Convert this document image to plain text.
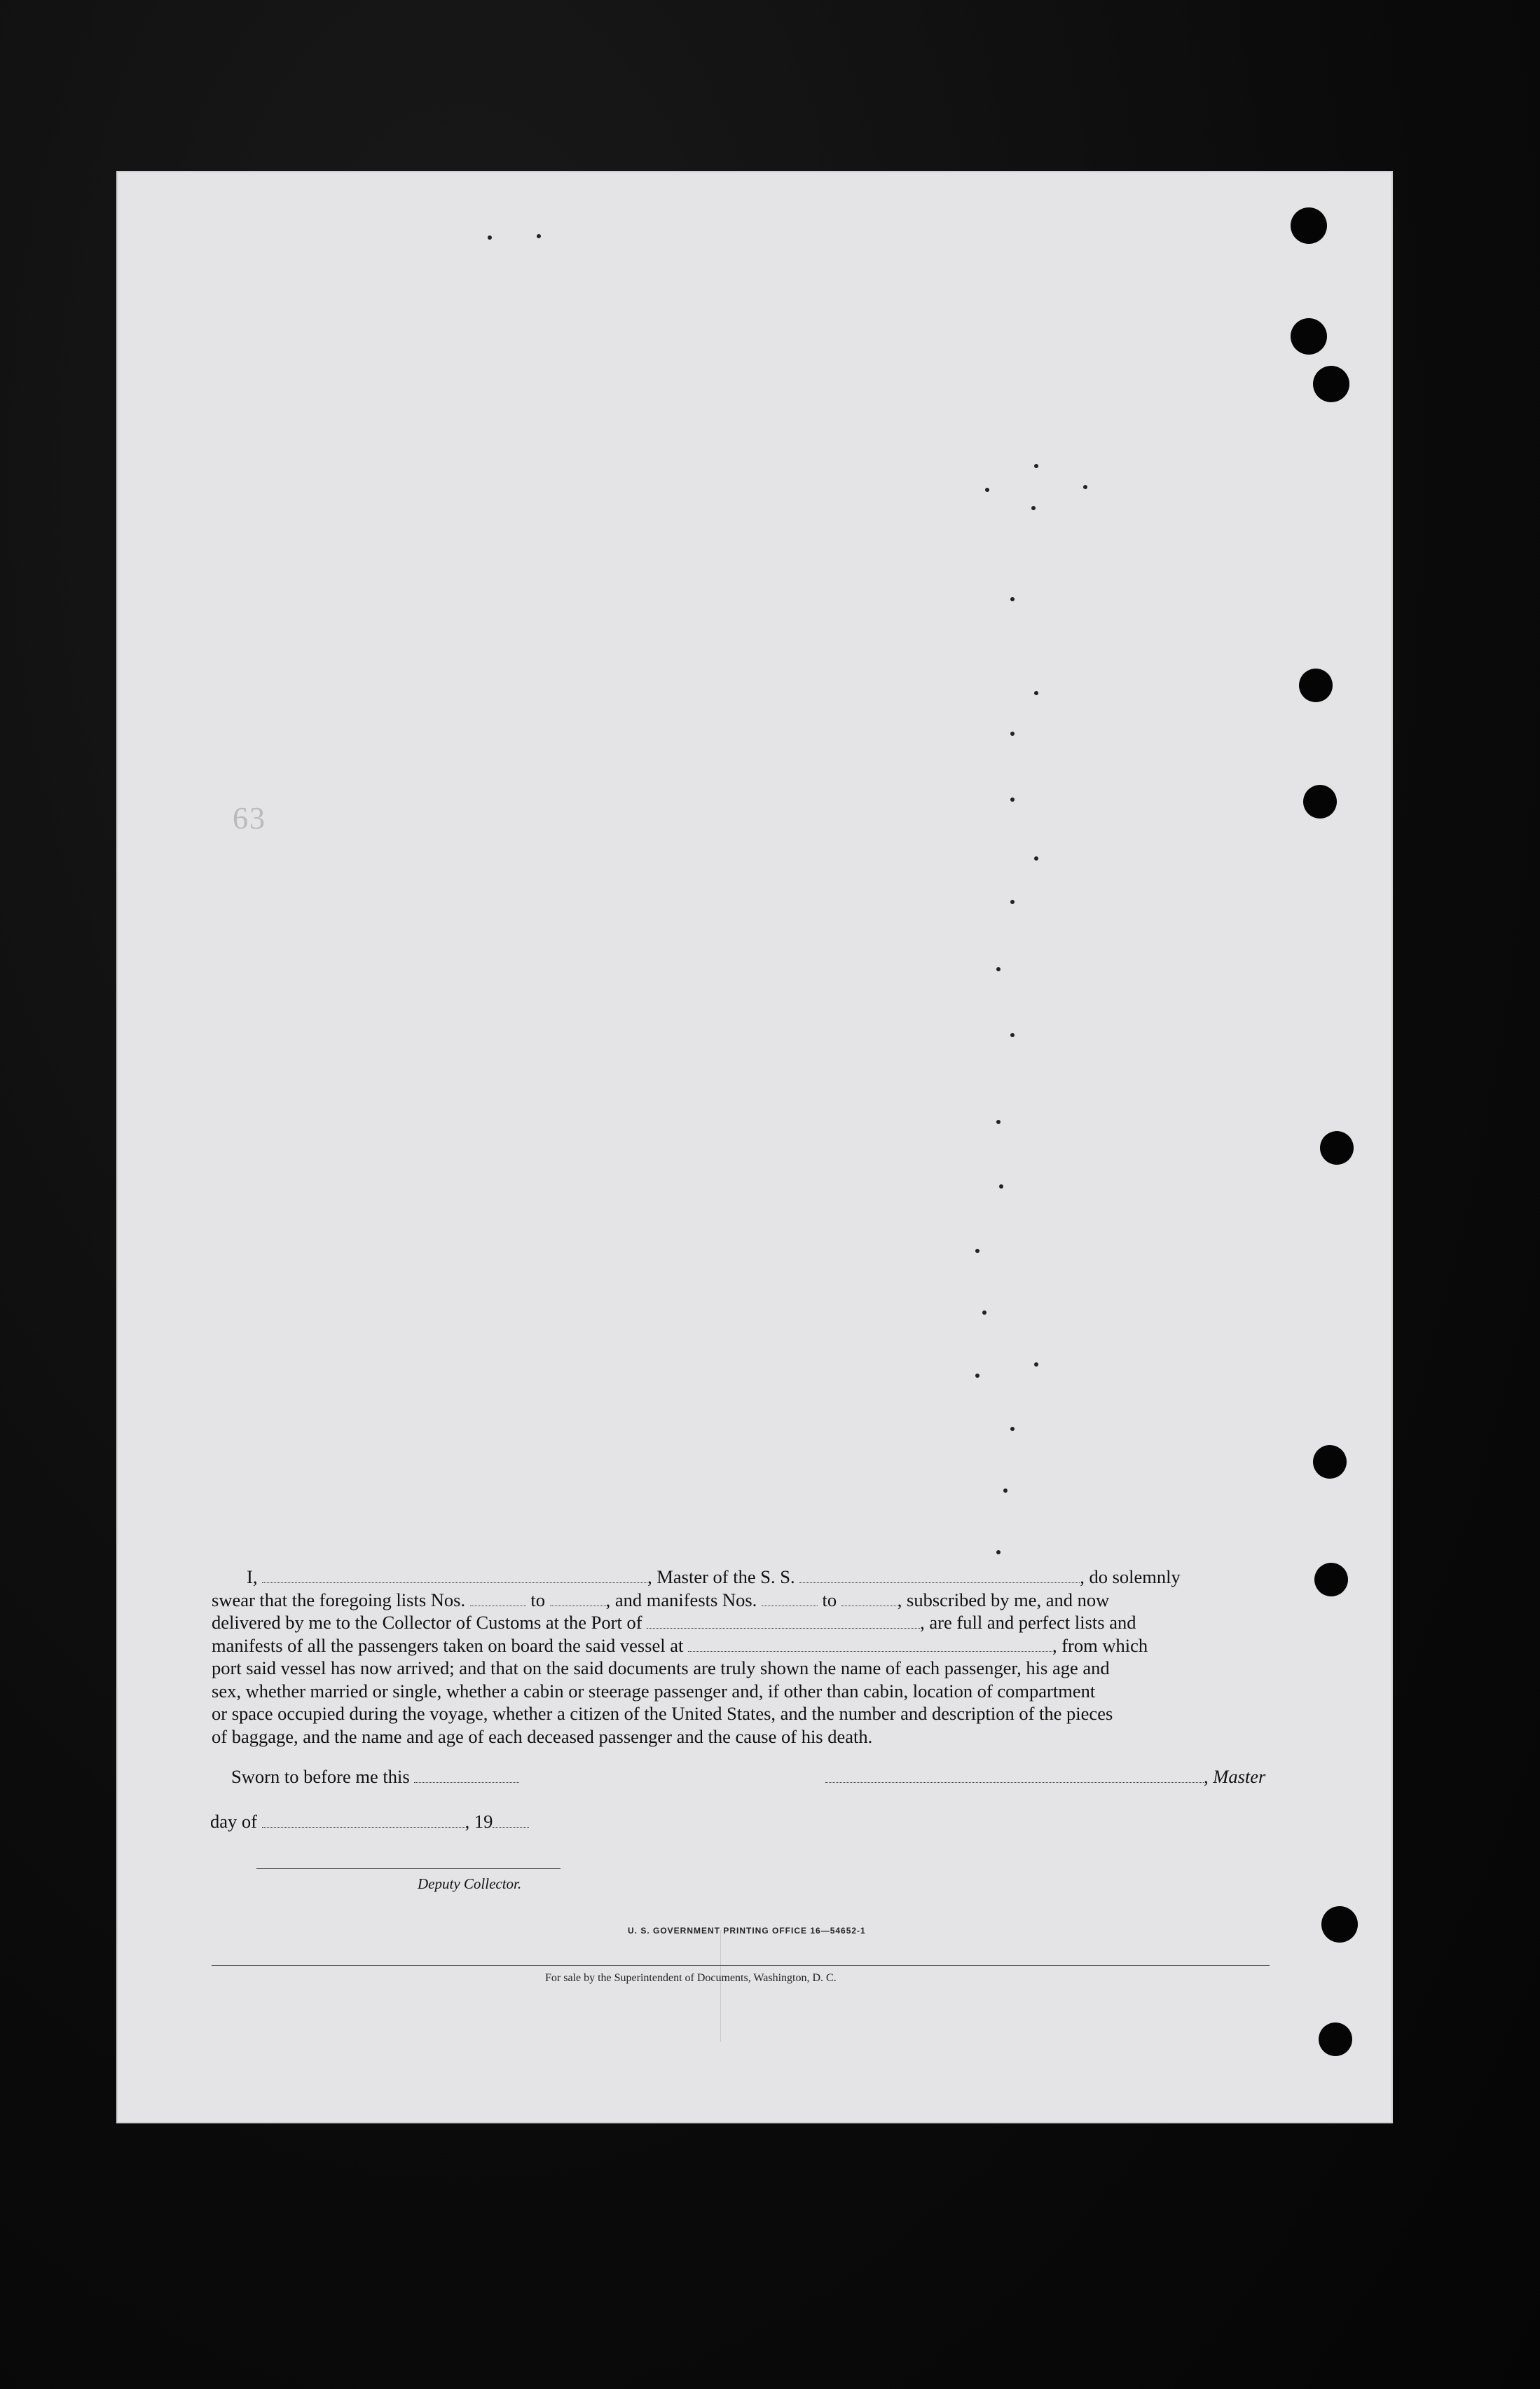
63
I,	, Master of the S. S.	, do solemnly
swear that the foregoing lists Nos.	to	, and manifests Nos.	to	, subscribed by me, and now
delivered by me to the Collector of Customs at the Port of	, are full and perfect lists and
manifests of all the passengers taken on board the said vessel at	, from which
port said vessel has now arrived; and that on the said documents are truly shown the name of each passenger, his age and
sex, whether married or single, whether a cabin or steerage passenger and, if other than cabin, location of compartment
or space occupied during the voyage, whether a citizen of the United States, and the number and description of the pieces
of baggage, and the name and age of each deceased passenger and the cause of his death.
Sworn to before me this	, Master
day of	, 19
Deputy Collector.
U. S. GOVERNMENT PRINTING OFFICE 16—54652-1
For sale by the Superintendent of Documents, Washington, D. C.
